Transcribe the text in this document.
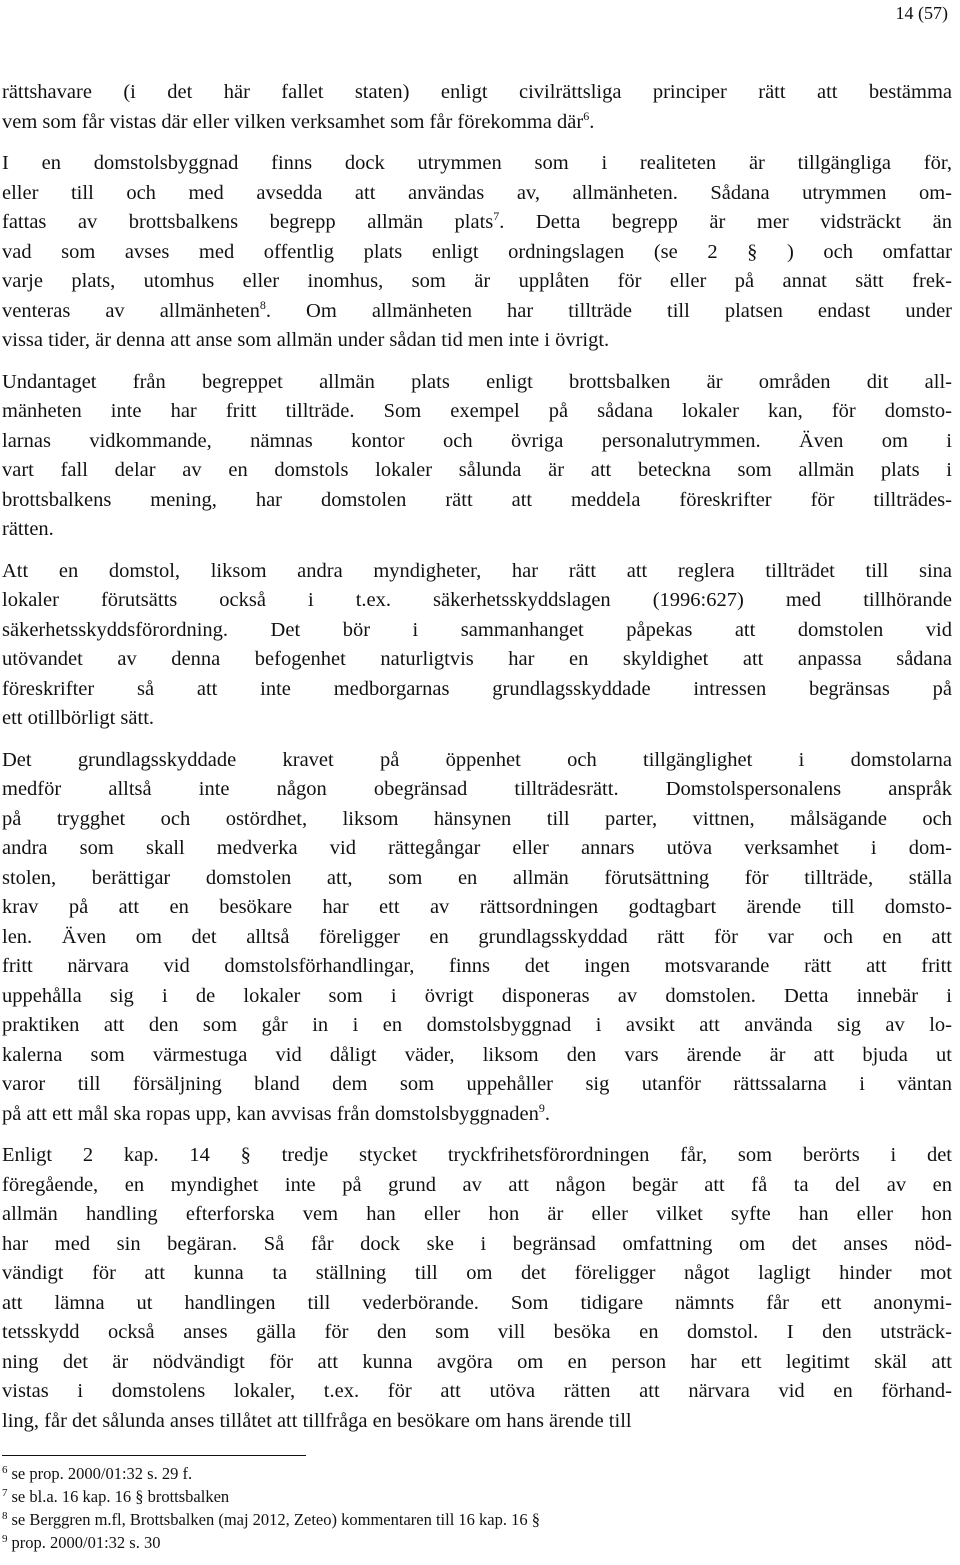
14 (57)
rättshavare (i det här fallet staten) enligt civilrättsliga principer rätt att bestämma
vem som får vistas där eller vilken verksamhet som får förekomma där$^6$.
I en domstolsbyggnad finns dock utrymmen som i realiteten är tillgängliga för,
eller till och med avsedda att användas av, allmänheten. Sådana utrymmen om-
fattas av brottsbalkens begrepp allmän plats$^7$. Detta begrepp är mer vidsträckt än
vad som avses med offentlig plats enligt ordningslagen (se 2 § ) och omfattar
varje plats, utomhus eller inomhus, som är upplåten för eller på annat sätt frek-
venteras av allmänheten$^8$. Om allmänheten har tillträde till platsen endast under
vissa tider, är denna att anse som allmän under sådan tid men inte i övrigt.
Undantaget från begreppet allmän plats enligt brottsbalken är områden dit all-
mänheten inte har fritt tillträde. Som exempel på sådana lokaler kan, för domsto-
larnas vidkommande, nämnas kontor och övriga personalutrymmen. Även om i
vart fall delar av en domstols lokaler sålunda är att beteckna som allmän plats i
brottsbalkens mening, har domstolen rätt att meddela föreskrifter för tillträdes-
rätten.
Att en domstol, liksom andra myndigheter, har rätt att reglera tillträdet till sina
lokaler förutsätts också i t.ex. säkerhetsskyddslagen (1996:627) med tillhörande
säkerhetsskyddsförordning. Det bör i sammanhanget påpekas att domstolen vid
utövandet av denna befogenhet naturligtvis har en skyldighet att anpassa sådana
föreskrifter så att inte medborgarnas grundlagsskyddade intressen begränsas på
ett otillbörligt sätt.
Det grundlagsskyddade kravet på öppenhet och tillgänglighet i domstolarna
medför alltså inte någon obegränsad tillträdesrätt. Domstolspersonalens anspråk
på trygghet och ostördhet, liksom hänsynen till parter, vittnen, målsägande och
andra som skall medverka vid rättegångar eller annars utöva verksamhet i dom-
stolen, berättigar domstolen att, som en allmän förutsättning för tillträde, ställa
krav på att en besökare har ett av rättsordningen godtagbart ärende till domsto-
len. Även om det alltså föreligger en grundlagsskyddad rätt för var och en att
fritt närvara vid domstolsförhandlingar, finns det ingen motsvarande rätt att fritt
uppehålla sig i de lokaler som i övrigt disponeras av domstolen. Detta innebär i
praktiken att den som går in i en domstolsbyggnad i avsikt att använda sig av lo-
kalerna som värmestuga vid dåligt väder, liksom den vars ärende är att bjuda ut
varor till försäljning bland dem som uppehåller sig utanför rättssalarna i väntan
på att ett mål ska ropas upp, kan avvisas från domstolsbyggnaden$^9$.
Enligt 2 kap. 14 § tredje stycket tryckfrihetsförordningen får, som berörts i det
föregående, en myndighet inte på grund av att någon begär att få ta del av en
allmän handling efterforska vem han eller hon är eller vilket syfte han eller hon
har med sin begäran. Så får dock ske i begränsad omfattning om det anses nöd-
vändigt för att kunna ta ställning till om det föreligger något lagligt hinder mot
att lämna ut handlingen till vederbörande. Som tidigare nämnts får ett anonymi-
tetsskydd också anses gälla för den som vill besöka en domstol. I den utsträck-
ning det är nödvändigt för att kunna avgöra om en person har ett legitimt skäl att
vistas i domstolens lokaler, t.ex. för att utöva rätten att närvara vid en förhand-
ling, får det sålunda anses tillåtet att tillfråga en besökare om hans ärende till
$^6$ se prop. 2000/01:32 s. 29 f.
$^7$ se bl.a. 16 kap. 16 § brottsbalken
$^8$ se Berggren m.fl, Brottsbalken (maj 2012, Zeteo) kommentaren till 16 kap. 16 §
$^9$ prop. 2000/01:32 s. 30
